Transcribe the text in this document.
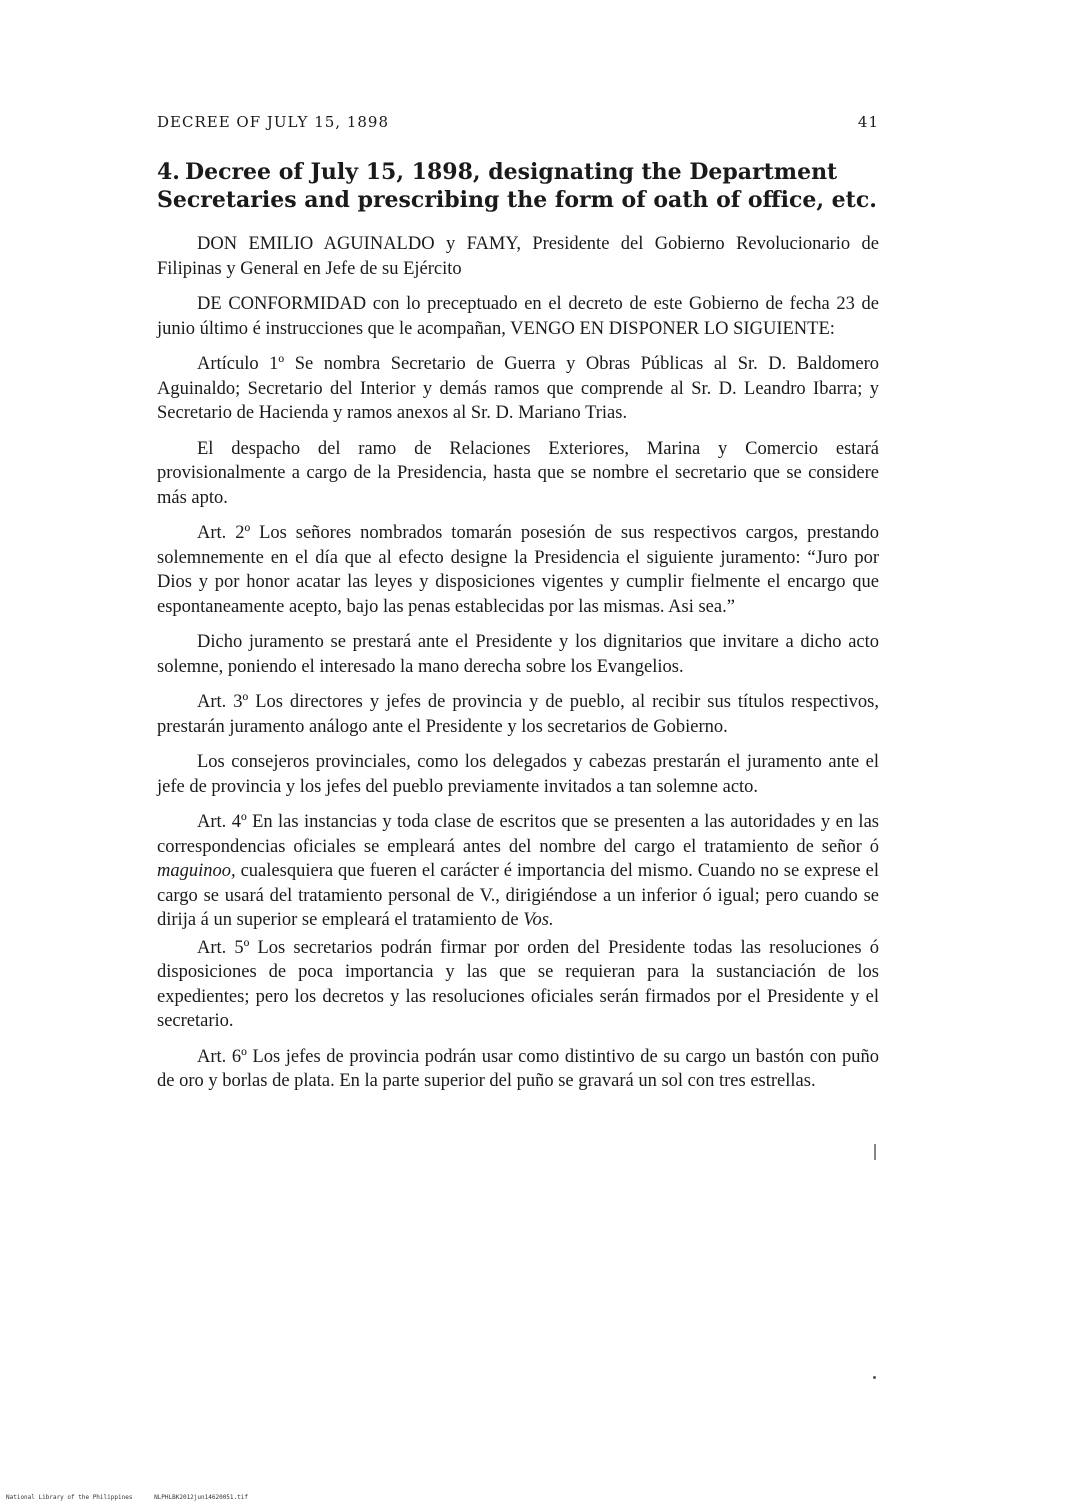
DECREE OF JULY 15, 1898	41
4. Decree of July 15, 1898, designating the Department Secretaries and prescribing the form of oath of office, etc.

DON EMILIO AGUINALDO y FAMY, Presidente del Gobierno Revolucionario de Filipinas y General en Jefe de su Ejército

DE CONFORMIDAD con lo preceptuado en el decreto de este Gobierno de fecha 23 de junio último é instrucciones que le acompañan, VENGO EN DISPONER LO SIGUIENTE:

Artículo 1º Se nombra Secretario de Guerra y Obras Públicas al Sr. D. Baldomero Aguinaldo; Secretario del Interior y demás ramos que comprende al Sr. D. Leandro Ibarra; y Secretario de Hacienda y ramos anexos al Sr. D. Mariano Trias.

El despacho del ramo de Relaciones Exteriores, Marina y Comercio estará provisionalmente a cargo de la Presidencia, hasta que se nombre el secretario que se considere más apto.

Art. 2º Los señores nombrados tomarán posesión de sus respectivos cargos, prestando solemnemente en el día que al efecto designe la Presidencia el siguiente juramento: “Juro por Dios y por honor acatar las leyes y disposiciones vigentes y cumplir fielmente el encargo que espontaneamente acepto, bajo las penas establecidas por las mismas. Asi sea.”

Dicho juramento se prestará ante el Presidente y los dignitarios que invitare a dicho acto solemne, poniendo el interesado la mano derecha sobre los Evangelios.

Art. 3º Los directores y jefes de provincia y de pueblo, al recibir sus títulos respectivos, prestarán juramento análogo ante el Presidente y los secretarios de Gobierno.

Los consejeros provinciales, como los delegados y cabezas prestarán el juramento ante el jefe de provincia y los jefes del pueblo previamente invitados a tan solemne acto.

Art. 4º En las instancias y toda clase de escritos que se presenten a las autoridades y en las correspondencias oficiales se empleará antes del nombre del cargo el tratamiento de señor ó maguinoo, cualesquiera que fueren el carácter é importancia del mismo. Cuando no se exprese el cargo se usará del tratamiento personal de V., dirigiéndose a un inferior ó igual; pero cuando se dirija á un superior se empleará el tratamiento de Vos.

Art. 5º Los secretarios podrán firmar por orden del Presidente todas las resoluciones ó disposiciones de poca importancia y las que se requieran para la sustanciación de los expedientes; pero los decretos y las resoluciones oficiales serán firmados por el Presidente y el secretario.

Art. 6º Los jefes de provincia podrán usar como distintivo de su cargo un bastón con puño de oro y borlas de plata. En la parte superior del puño se gravará un sol con tres estrellas.

National Library of the Philippines	NLPHLBK2012jun14620051.tif
